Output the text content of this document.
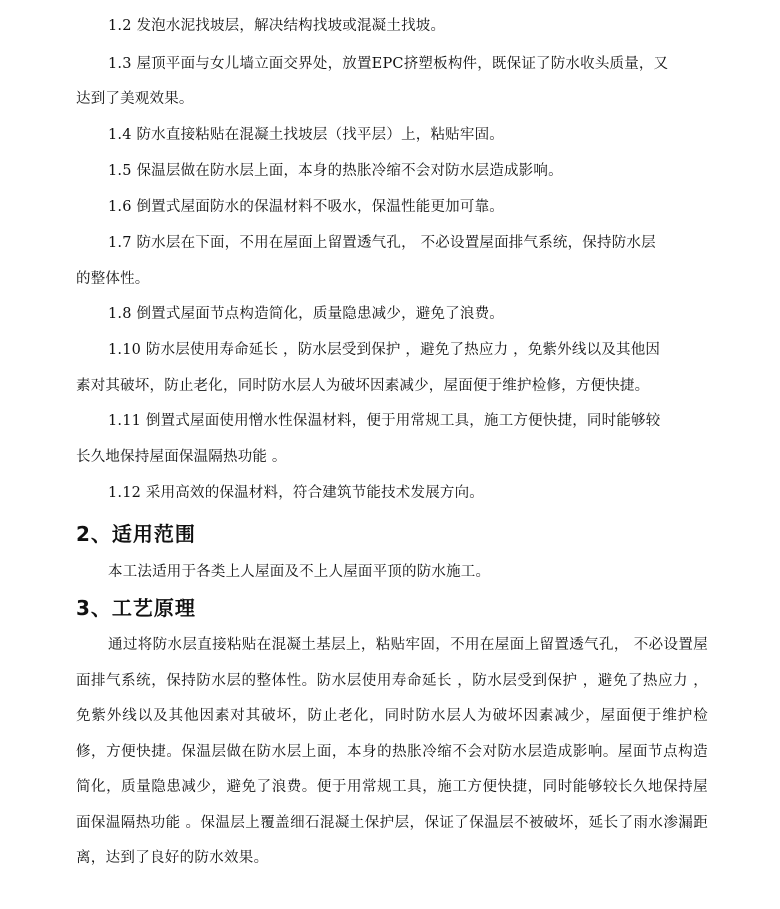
1.2 发泡水泥找坡层，解决结构找坡或混凝土找坡。
1.3 屋顶平面与女儿墙立面交界处，放置EPC挤塑板构件，既保证了防水收头质量，又
达到了美观效果。
1.4 防水直接粘贴在混凝土找坡层（找平层）上，粘贴牢固。
1.5 保温层做在防水层上面，本身的热胀冷缩不会对防水层造成影响。
1.6 倒置式屋面防水的保温材料不吸水，保温性能更加可靠。
1.7 防水层在下面，不用在屋面上留置透气孔， 不必设置屋面排气系统，保持防水层
的整体性。
1.8 倒置式屋面节点构造简化，质量隐患减少，避免了浪费。
1.10 防水层使用寿命延长 ，防水层受到保护 ，避免了热应力 ，免紫外线以及其他因
素对其破坏，防止老化，同时防水层人为破坏因素减少，屋面便于维护检修，方便快捷。
1.11 倒置式屋面使用憎水性保温材料，便于用常规工具，施工方便快捷，同时能够较
长久地保持屋面保温隔热功能 。
1.12 采用高效的保温材料，符合建筑节能技术发展方向。
2、适用范围
本工法适用于各类上人屋面及不上人屋面平顶的防水施工。
3、工艺原理
通过将防水层直接粘贴在混凝土基层上，粘贴牢固，不用在屋面上留置透气孔， 不必设置屋面排气系统，保持防水层的整体性。防水层使用寿命延长 ，防水层受到保护 ，避免了热应力 ，免紫外线以及其他因素对其破坏，防止老化，同时防水层人为破坏因素减少，屋面便于维护检修，方便快捷。保温层做在防水层上面，本身的热胀冷缩不会对防水层造成影响。屋面节点构造简化，质量隐患减少，避免了浪费。便于用常规工具，施工方便快捷，同时能够较长久地保持屋面保温隔热功能 。保温层上覆盖细石混凝土保护层，保证了保温层不被破坏，延长了雨水渗漏距离，达到了良好的防水效果。
